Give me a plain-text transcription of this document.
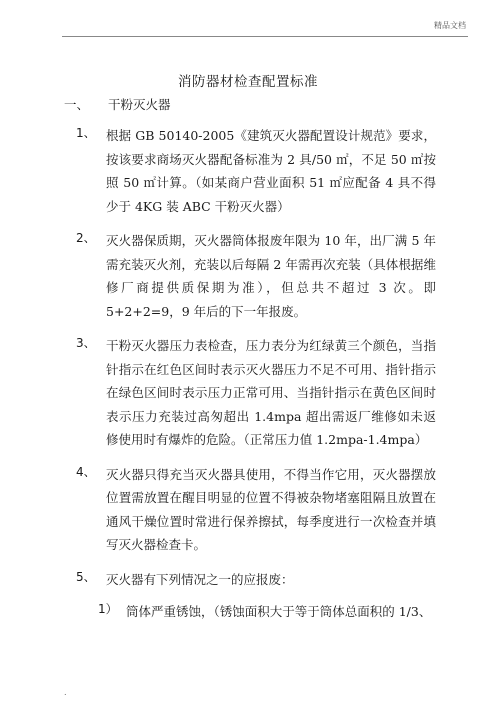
精品文档
消防器材检查配置标准
一、 干粉灭火器
1、 根据 GB 50140-2005《建筑灭火器配置设计规范》要求，按该要求商场灭火器配备标准为 2 具/50 ㎡，不足 50 ㎡按照 50 ㎡计算。（如某商户营业面积 51 ㎡应配备 4 具不得少于 4KG 装 ABC 干粉灭火器）
2、 灭火器保质期，灭火器筒体报废年限为 10 年，出厂满 5 年需充装灭火剂，充装以后每隔 2 年需再次充装（具体根据维修厂商提供质保期为准），但总共不超过 3 次。即 5+2+2=9，9 年后的下一年报废。
3、 干粉灭火器压力表检查，压力表分为红绿黄三个颜色，当指针指示在红色区间时表示灭火器压力不足不可用、指针指示在绿色区间时表示压力正常可用、当指针指示在黄色区间时表示压力充装过高匆超出 1.4mpa 超出需返厂维修如未返修使用时有爆炸的危险。（正常压力值 1.2mpa-1.4mpa）
4、 灭火器只得充当灭火器具使用，不得当作它用，灭火器摆放位置需放置在醒目明显的位置不得被杂物堵塞阻隔且放置在通风干燥位置时常进行保养擦拭，每季度进行一次检查并填写灭火器检查卡。
5、 灭火器有下列情况之一的应报废：
1） 筒体严重锈蚀，（锈蚀面积大于等于筒体总面积的 1/3、
.
